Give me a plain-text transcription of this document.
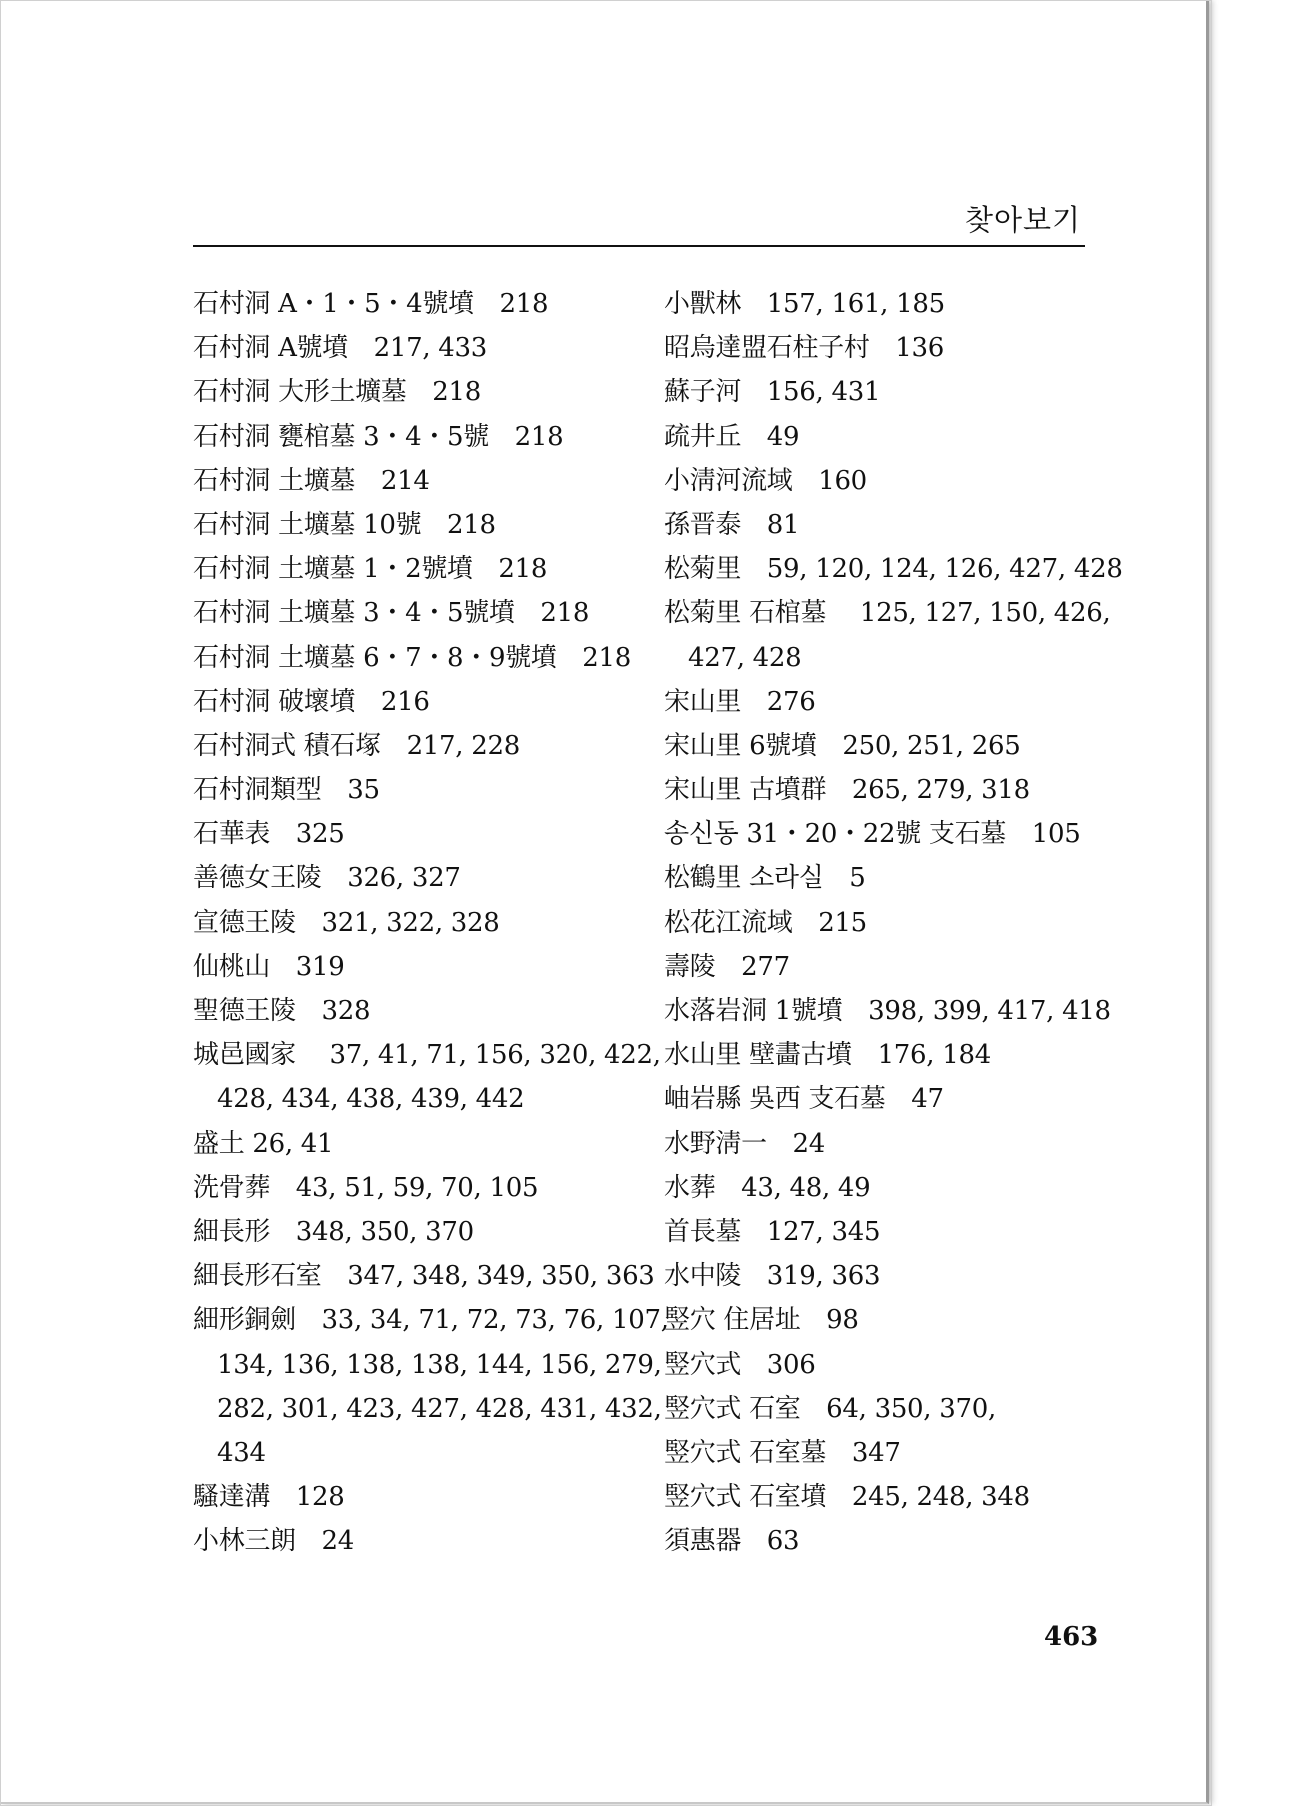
찾아보기
石村洞 A・1・5・4號墳　218
石村洞 A號墳　217, 433
石村洞 大形土壙墓　218
石村洞 甕棺墓 3・4・5號　218
石村洞 土壙墓　214
石村洞 土壙墓 10號　218
石村洞 土壙墓 1・2號墳　218
石村洞 土壙墓 3・4・5號墳　218
石村洞 土壙墓 6・7・8・9號墳　218
石村洞 破壞墳　216
石村洞式 積石塚　217, 228
石村洞類型　35
石華表　325
善德女王陵　326, 327
宣德王陵　321, 322, 328
仙桃山　319
聖德王陵　328
城邑國家　 37, 41, 71, 156, 320, 422,
428, 434, 438, 439, 442
盛土 26, 41
洗骨葬　43, 51, 59, 70, 105
細長形　348, 350, 370
細長形石室　347, 348, 349, 350, 363
細形銅劍　33, 34, 71, 72, 73, 76, 107,
134, 136, 138, 138, 144, 156, 279,
282, 301, 423, 427, 428, 431, 432,
434
騷達溝　128
小林三朗　24
小獸林　157, 161, 185
昭烏達盟石柱子村　136
蘇子河　156, 431
疏井丘　49
小淸河流域　160
孫晋泰　81
松菊里　59, 120, 124, 126, 427, 428
松菊里 石棺墓　 125, 127, 150, 426,
427, 428
宋山里　276
宋山里 6號墳　250, 251, 265
宋山里 古墳群　265, 279, 318
송신동 31・20・22號 支石墓　105
松鶴里 소라실　5
松花江流域　215
壽陵　277
水落岩洞 1號墳　398, 399, 417, 418
水山里 壁畵古墳　176, 184
岫岩縣 吳西 支石墓　47
水野淸一　24
水葬　43, 48, 49
首長墓　127, 345
水中陵　319, 363
竪穴 住居址　98
竪穴式　306
竪穴式 石室　64, 350, 370,
竪穴式 石室墓　347
竪穴式 石室墳　245, 248, 348
須惠器　63
463
